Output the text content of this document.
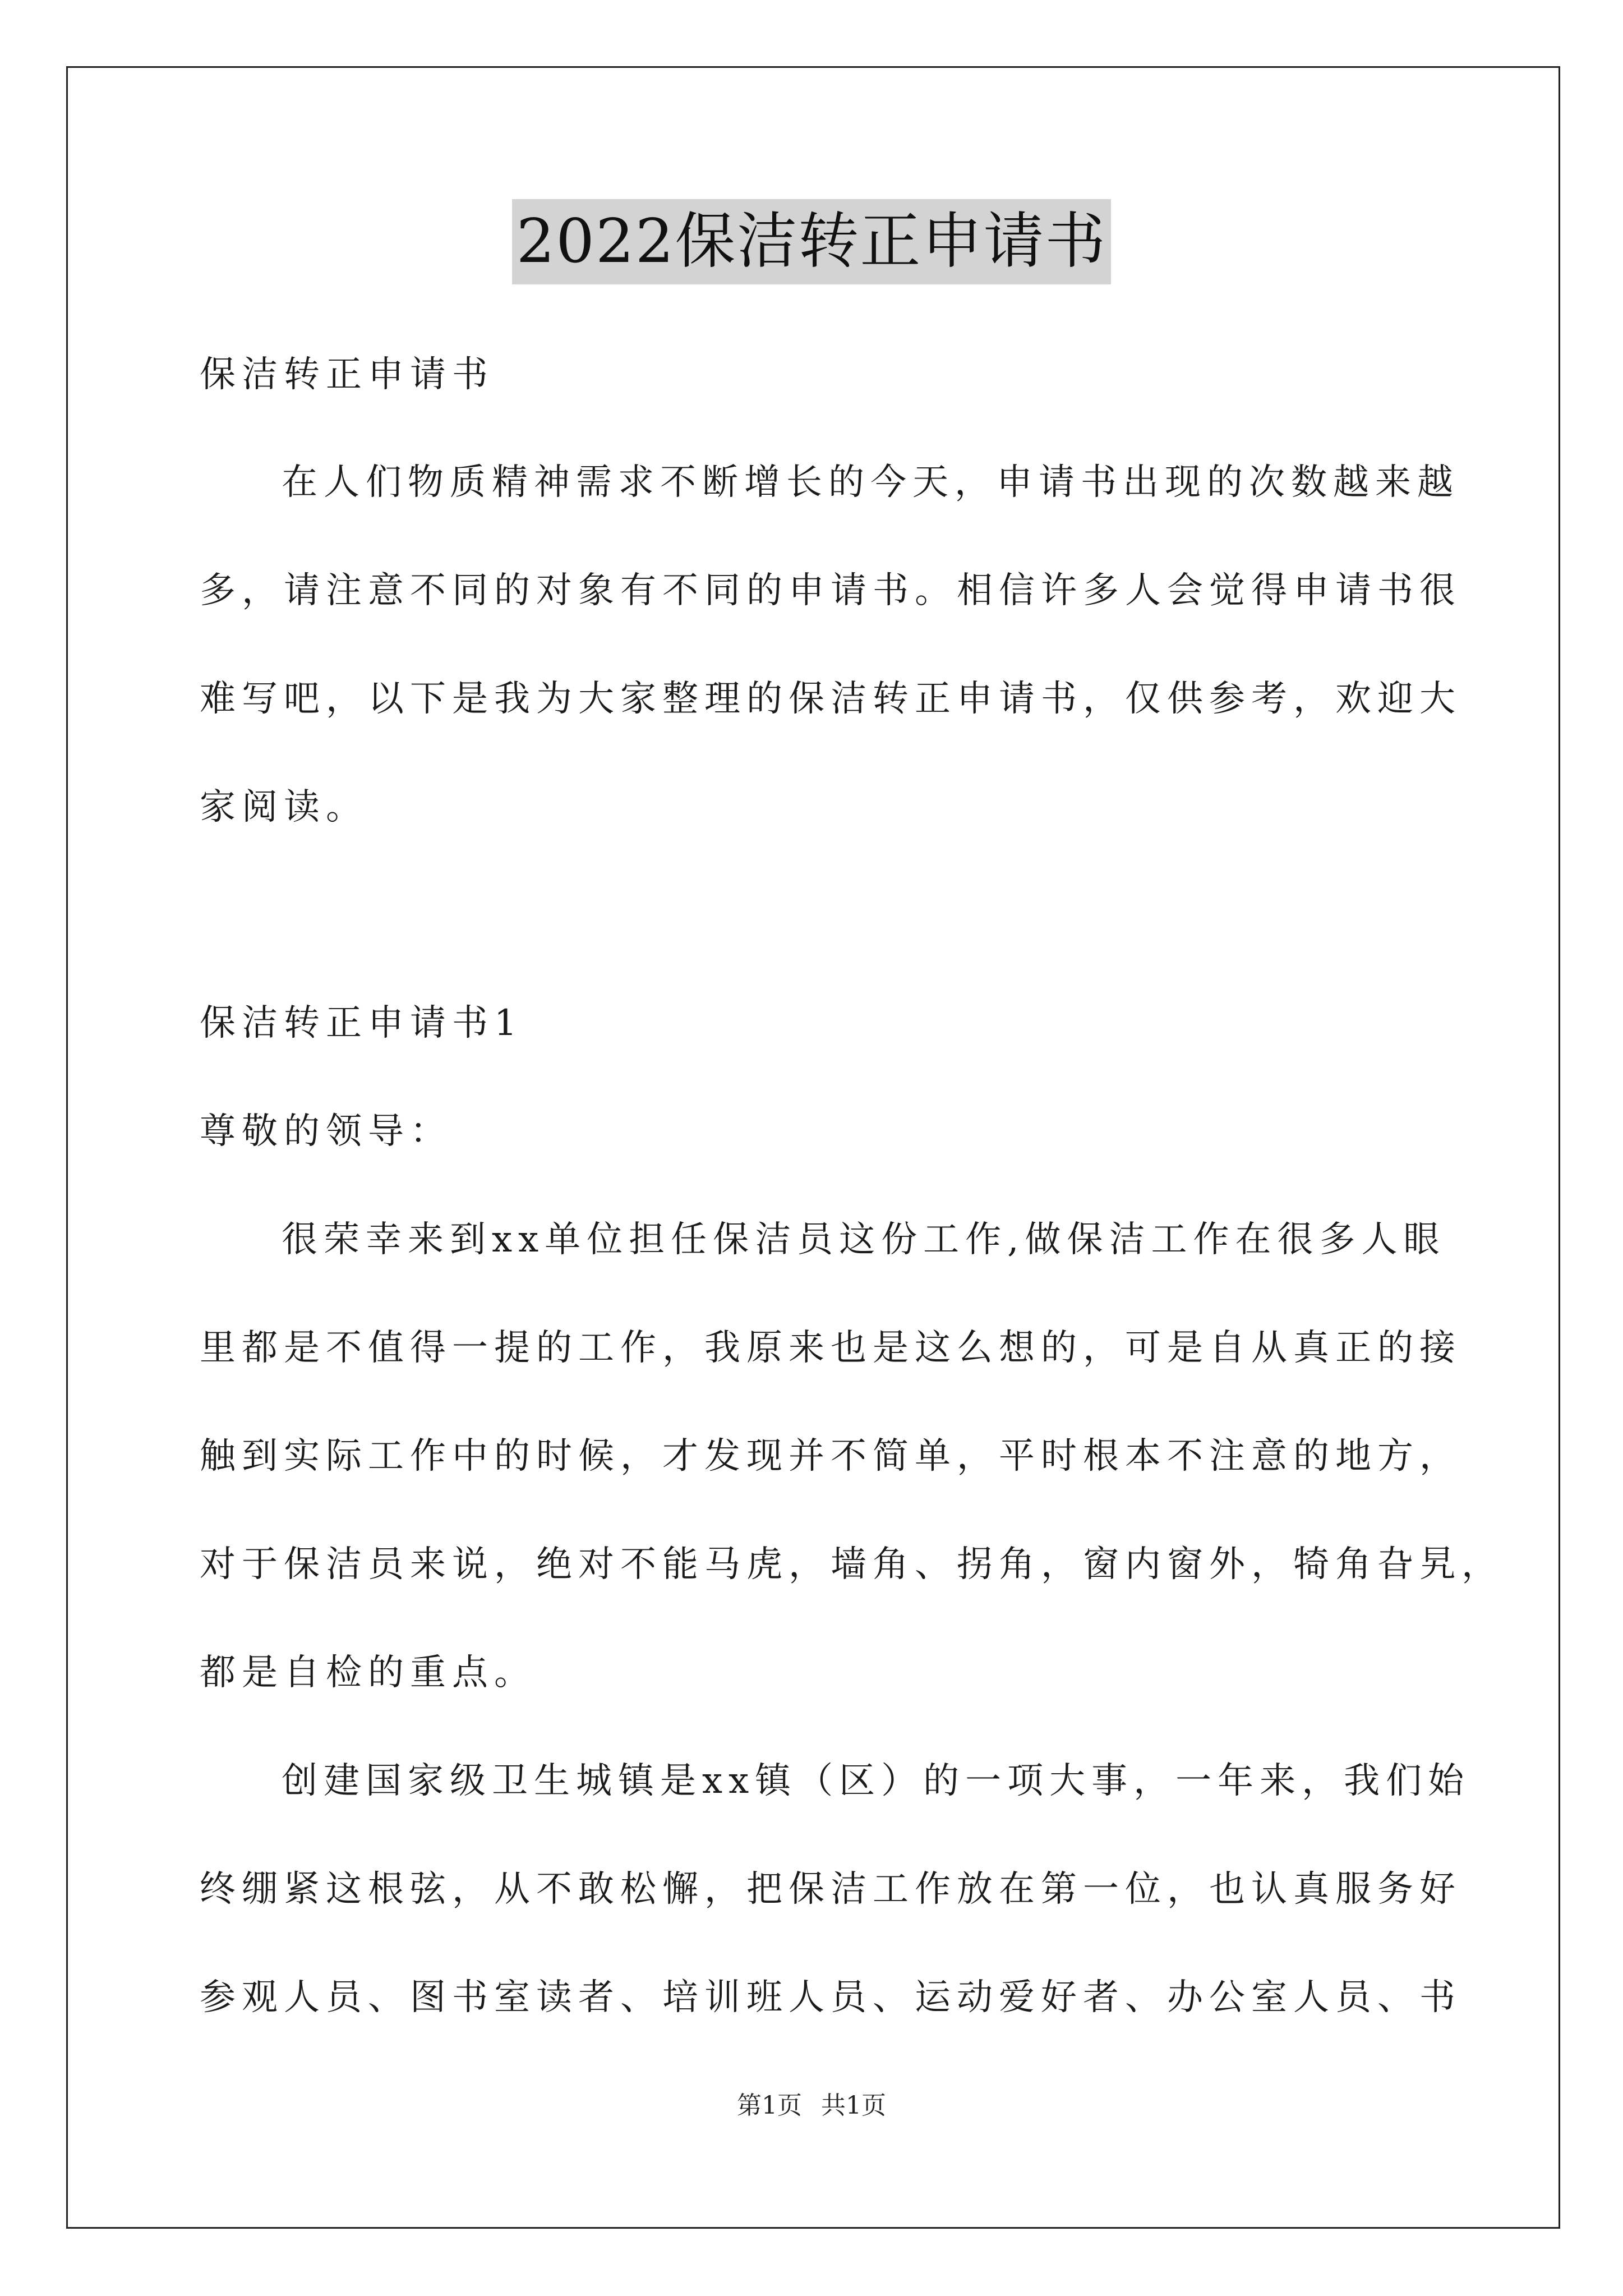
2022保洁转正申请书
保洁转正申请书
在人们物质精神需求不断增长的今天，申请书出现的次数越来越
多，请注意不同的对象有不同的申请书。相信许多人会觉得申请书很
难写吧，以下是我为大家整理的保洁转正申请书，仅供参考，欢迎大
家阅读。
保洁转正申请书1
尊敬的领导：
很荣幸来到xx单位担任保洁员这份工作,做保洁工作在很多人眼
里都是不值得一提的工作，我原来也是这么想的，可是自从真正的接
触到实际工作中的时候，才发现并不简单，平时根本不注意的地方，
对于保洁员来说，绝对不能马虎，墙角、拐角，窗内窗外，犄角旮旯，
都是自检的重点。
创建国家级卫生城镇是xx镇（区）的一项大事，一年来，我们始
终绷紧这根弦，从不敢松懈，把保洁工作放在第一位，也认真服务好
参观人员、图书室读者、培训班人员、运动爱好者、办公室人员、书
第1页 共1页
